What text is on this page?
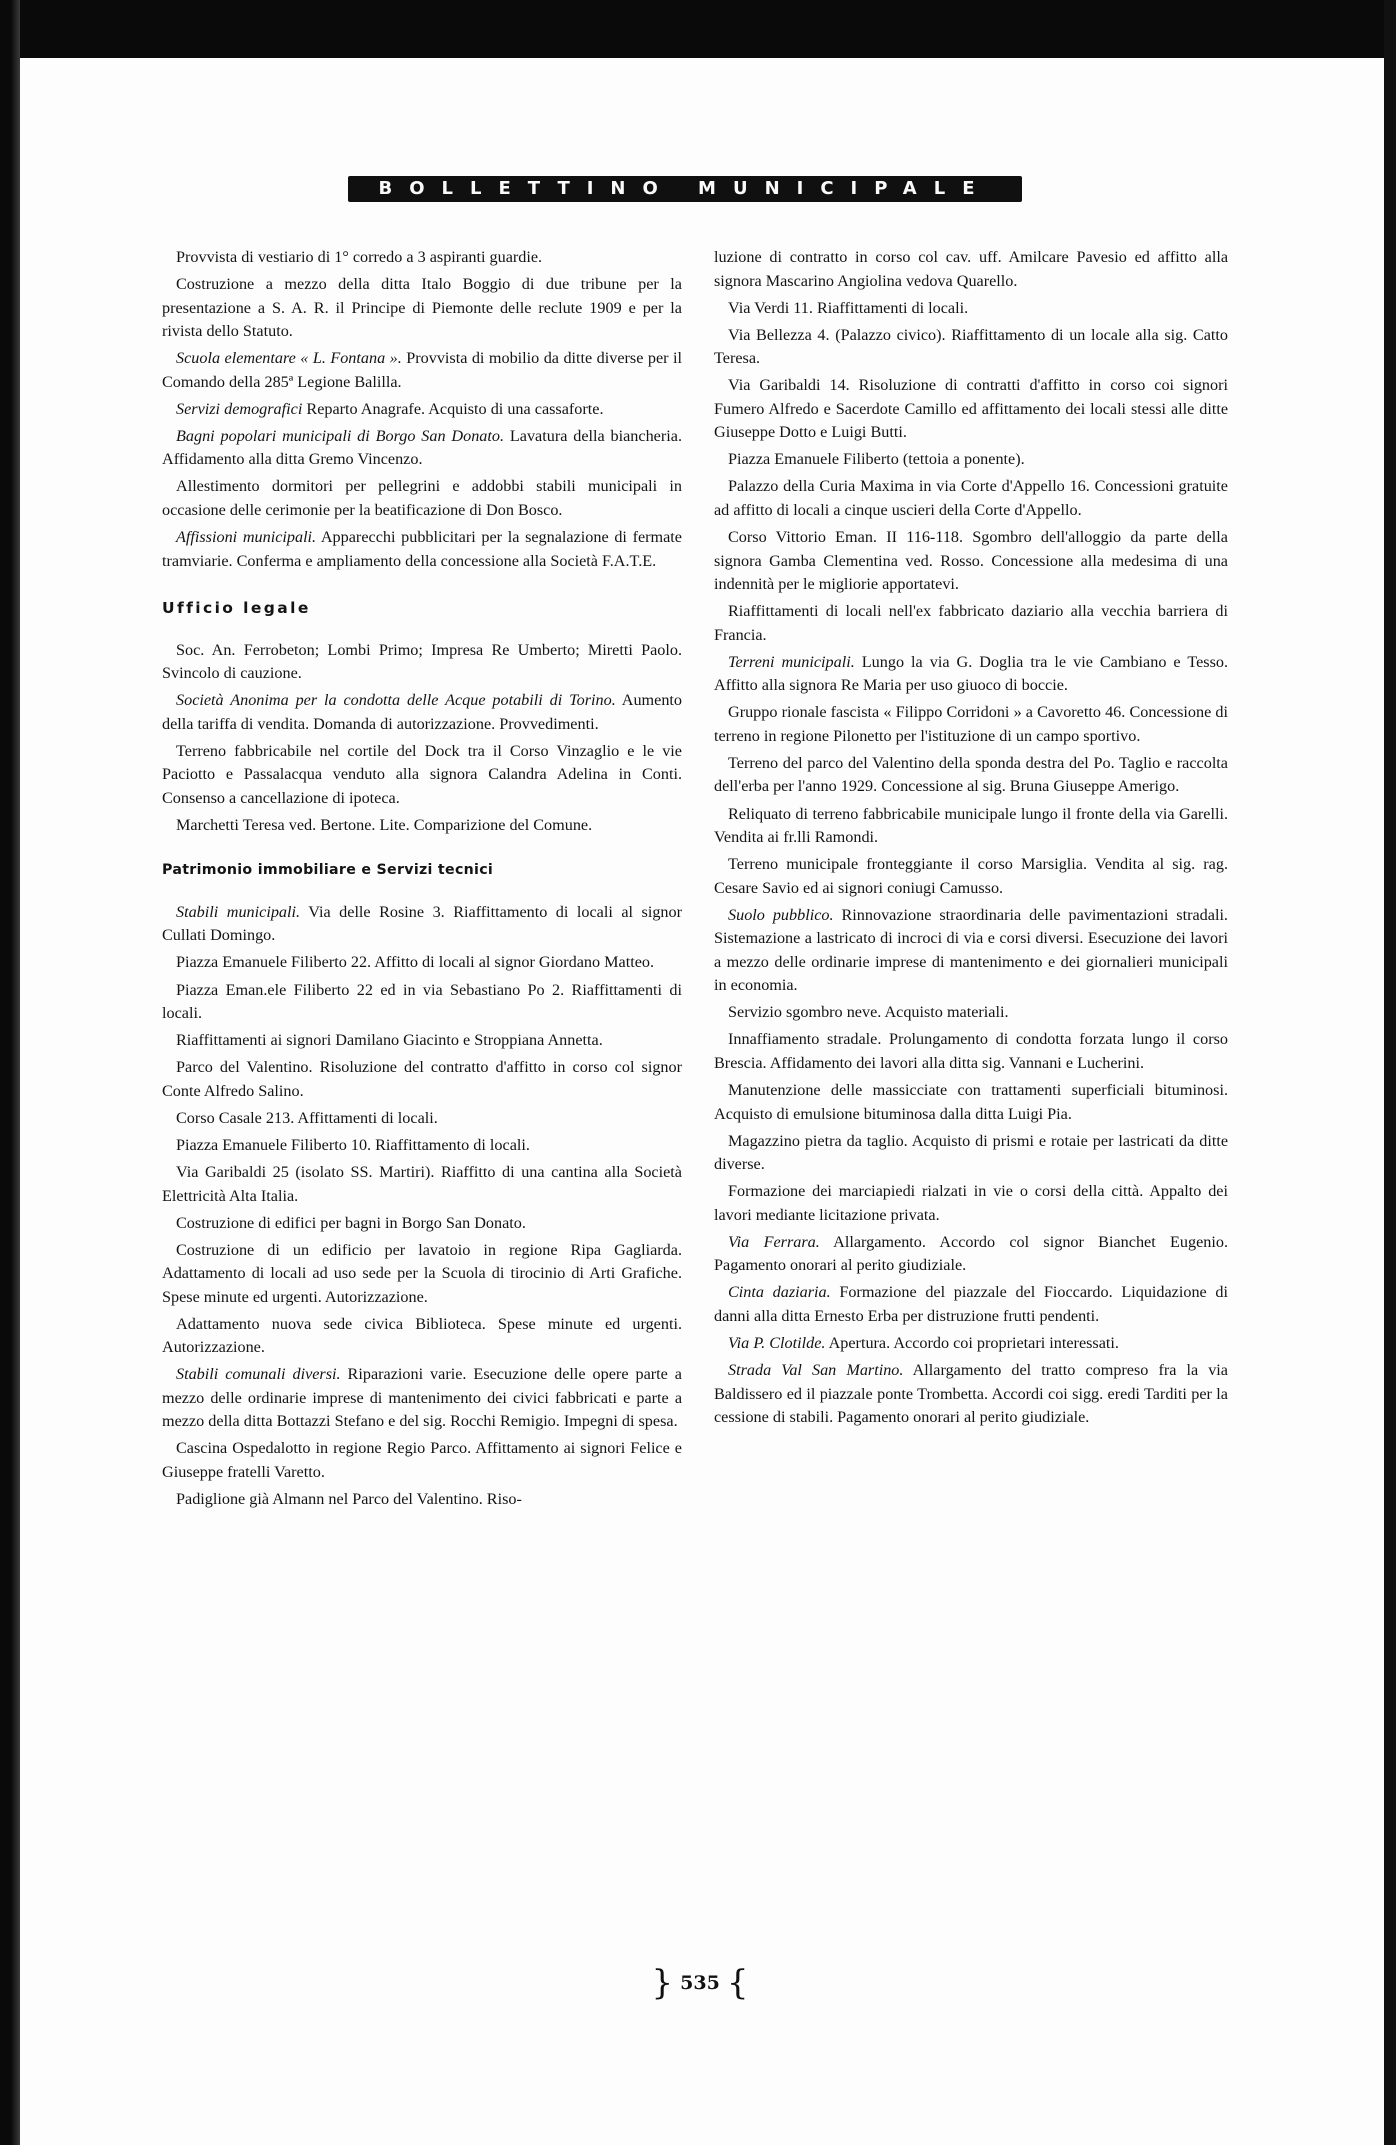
BOLLETTINO MUNICIPALE

Provvista di vestiario di 1° corredo a 3 aspiranti guardie.

Costruzione a mezzo della ditta Italo Boggio di due tribune per la presentazione a S. A. R. il Principe di Piemonte delle reclute 1909 e per la rivista dello Statuto.

Scuola elementare « L. Fontana ». Provvista di mobilio da ditte diverse per il Comando della 285ª Legione Balilla.

Servizi demografici Reparto Anagrafe. Acquisto di una cassaforte.

Bagni popolari municipali di Borgo San Donato. Lavatura della biancheria. Affidamento alla ditta Gremo Vincenzo.

Allestimento dormitori per pellegrini e addobbi stabili municipali in occasione delle cerimonie per la beatificazione di Don Bosco.

Affissioni municipali. Apparecchi pubblicitari per la segnalazione di fermate tramviarie. Conferma e ampliamento della concessione alla Società F.A.T.E.

Ufficio legale

Soc. An. Ferrobeton; Lombi Primo; Impresa Re Umberto; Miretti Paolo. Svincolo di cauzione.

Società Anonima per la condotta delle Acque potabili di Torino. Aumento della tariffa di vendita. Domanda di autorizzazione. Provvedimenti.

Terreno fabbricabile nel cortile del Dock tra il Corso Vinzaglio e le vie Paciotto e Passalacqua venduto alla signora Calandra Adelina in Conti. Consenso a cancellazione di ipoteca.

Marchetti Teresa ved. Bertone. Lite. Comparizione del Comune.

Patrimonio immobiliare e Servizi tecnici

Stabili municipali. Via delle Rosine 3. Riaffittamento di locali al signor Cullati Domingo.

Piazza Emanuele Filiberto 22. Affitto di locali al signor Giordano Matteo.

Piazza Eman.ele Filiberto 22 ed in via Sebastiano Po 2. Riaffittamenti di locali.

Riaffittamenti ai signori Damilano Giacinto e Stroppiana Annetta.

Parco del Valentino. Risoluzione del contratto d'affitto in corso col signor Conte Alfredo Salino.

Corso Casale 213. Affittamenti di locali.

Piazza Emanuele Filiberto 10. Riaffittamento di locali.

Via Garibaldi 25 (isolato SS. Martiri). Riaffitto di una cantina alla Società Elettricità Alta Italia.

Costruzione di edifici per bagni in Borgo San Donato.

Costruzione di un edificio per lavatoio in regione Ripa Gagliarda. Adattamento di locali ad uso sede per la Scuola di tirocinio di Arti Grafiche. Spese minute ed urgenti. Autorizzazione.

Adattamento nuova sede civica Biblioteca. Spese minute ed urgenti. Autorizzazione.

Stabili comunali diversi. Riparazioni varie. Esecuzione delle opere parte a mezzo delle ordinarie imprese di mantenimento dei civici fabbricati e parte a mezzo della ditta Bottazzi Stefano e del sig. Rocchi Remigio. Impegni di spesa.

Cascina Ospedalotto in regione Regio Parco. Affittamento ai signori Felice e Giuseppe fratelli Varetto.

Padiglione già Almann nel Parco del Valentino. Riso-

luzione di contratto in corso col cav. uff. Amilcare Pavesio ed affitto alla signora Mascarino Angiolina vedova Quarello.

Via Verdi 11. Riaffittamenti di locali.

Via Bellezza 4. (Palazzo civico). Riaffittamento di un locale alla sig. Catto Teresa.

Via Garibaldi 14. Risoluzione di contratti d'affitto in corso coi signori Fumero Alfredo e Sacerdote Camillo ed affittamento dei locali stessi alle ditte Giuseppe Dotto e Luigi Butti.

Piazza Emanuele Filiberto (tettoia a ponente).

Palazzo della Curia Maxima in via Corte d'Appello 16. Concessioni gratuite ad affitto di locali a cinque uscieri della Corte d'Appello.

Corso Vittorio Eman. II 116-118. Sgombro dell'alloggio da parte della signora Gamba Clementina ved. Rosso. Concessione alla medesima di una indennità per le migliorie apportatevi.

Riaffittamenti di locali nell'ex fabbricato daziario alla vecchia barriera di Francia.

Terreni municipali. Lungo la via G. Doglia tra le vie Cambiano e Tesso. Affitto alla signora Re Maria per uso giuoco di boccie.

Gruppo rionale fascista « Filippo Corridoni » a Cavoretto 46. Concessione di terreno in regione Pilonetto per l'istituzione di un campo sportivo.

Terreno del parco del Valentino della sponda destra del Po. Taglio e raccolta dell'erba per l'anno 1929. Concessione al sig. Bruna Giuseppe Amerigo.

Reliquato di terreno fabbricabile municipale lungo il fronte della via Garelli. Vendita ai fr.lli Ramondi.

Terreno municipale fronteggiante il corso Marsiglia. Vendita al sig. rag. Cesare Savio ed ai signori coniugi Camusso.

Suolo pubblico. Rinnovazione straordinaria delle pavimentazioni stradali. Sistemazione a lastricato di incroci di via e corsi diversi. Esecuzione dei lavori a mezzo delle ordinarie imprese di mantenimento e dei giornalieri municipali in economia.

Servizio sgombro neve. Acquisto materiali.

Innaffiamento stradale. Prolungamento di condotta forzata lungo il corso Brescia. Affidamento dei lavori alla ditta sig. Vannani e Lucherini.

Manutenzione delle massicciate con trattamenti superficiali bituminosi. Acquisto di emulsione bituminosa dalla ditta Luigi Pia.

Magazzino pietra da taglio. Acquisto di prismi e rotaie per lastricati da ditte diverse.

Formazione dei marciapiedi rialzati in vie o corsi della città. Appalto dei lavori mediante licitazione privata.

Via Ferrara. Allargamento. Accordo col signor Bianchet Eugenio. Pagamento onorari al perito giudiziale.

Cinta daziaria. Formazione del piazzale del Fioccardo. Liquidazione di danni alla ditta Ernesto Erba per distruzione frutti pendenti.

Via P. Clotilde. Apertura. Accordo coi proprietari interessati.

Strada Val San Martino. Allargamento del tratto compreso fra la via Baldissero ed il piazzale ponte Trombetta. Accordi coi sigg. eredi Tarditi per la cessione di stabili. Pagamento onorari al perito giudiziale.

} 535 {
